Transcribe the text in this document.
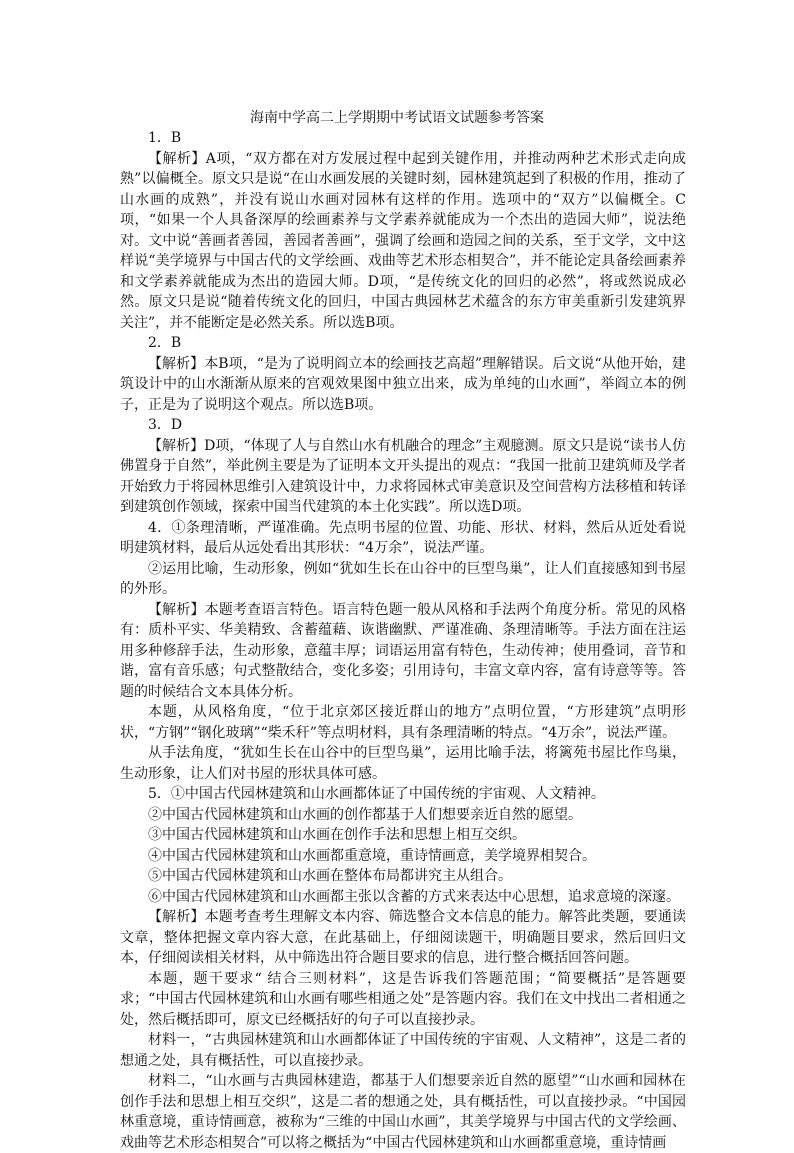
海南中学高二上学期期中考试语文试题参考答案

1．B

【解析】A项，“双方都在对方发展过程中起到关键作用，并推动两种艺术形式走向成熟”以偏概全。原文只是说“在山水画发展的关键时刻，园林建筑起到了积极的作用，推动了山水画的成熟”，并没有说山水画对园林有这样的作用。选项中的“双方”以偏概全。C项，“如果一个人具备深厚的绘画素养与文学素养就能成为一个杰出的造园大师”，说法绝对。文中说“善画者善园，善园者善画”，强调了绘画和造园之间的关系，至于文学，文中这样说“美学境界与中国古代的文学绘画、戏曲等艺术形态相契合”，并不能论定具备绘画素养和文学素养就能成为杰出的造园大师。D项，“是传统文化的回归的必然”，将或然说成必然。原文只是说“随着传统文化的回归，中国古典园林艺术蕴含的东方审美重新引发建筑界关注”，并不能断定是必然关系。所以选B项。

2．B

【解析】本B项，“是为了说明阎立本的绘画技艺高超”理解错误。后文说“从他开始，建筑设计中的山水渐渐从原来的宫观效果图中独立出来，成为单纯的山水画”，举阎立本的例子，正是为了说明这个观点。所以选B项。

3．D

【解析】D项，“体现了人与自然山水有机融合的理念”主观臆测。原文只是说“读书人仿佛置身于自然”，举此例主要是为了证明本文开头提出的观点：“我国一批前卫建筑师及学者开始致力于将园林思维引入建筑设计中，力求将园林式审美意识及空间营构方法移植和转译到建筑创作领域，探索中国当代建筑的本土化实践”。所以选D项。

4．①条理清晰，严谨准确。先点明书屋的位置、功能、形状、材料，然后从近处看说明建筑材料，最后从远处看出其形状：“4万余”，说法严谨。

②运用比喻，生动形象，例如“犹如生长在山谷中的巨型鸟巢”，让人们直接感知到书屋的外形。

【解析】本题考查语言特色。语言特色题一般从风格和手法两个角度分析。常见的风格有：质朴平实、华美精致、含蓄蕴藉、诙谐幽默、严谨准确、条理清晰等。手法方面在注运用多种修辞手法，生动形象，意蕴丰厚；词语运用富有特色，生动传神；使用叠词，音节和谐，富有音乐感；句式整散结合，变化多姿；引用诗句，丰富文章内容，富有诗意等等。答题的时候结合文本具体分析。

本题，从风格角度，“位于北京郊区接近群山的地方”点明位置，“方形建筑”点明形状，“方钢”“钢化玻璃”“柴禾秆”等点明材料，具有条理清晰的特点。“4万余”，说法严谨。

从手法角度，“犹如生长在山谷中的巨型鸟巢”，运用比喻手法，将篱苑书屋比作鸟巢，生动形象，让人们对书屋的形状具体可感。

5．①中国古代园林建筑和山水画都体证了中国传统的宇宙观、人文精神。

②中国古代园林建筑和山水画的创作都基于人们想要亲近自然的愿望。

③中国古代园林建筑和山水画在创作手法和思想上相互交织。

④中国古代园林建筑和山水画都重意境，重诗情画意，美学境界相契合。

⑤中国古代园林建筑和山水画在整体布局都讲究主从组合。

⑥中国古代园林建筑和山水画都主张以含蓄的方式来表达中心思想，追求意境的深邃。

【解析】本题考查考生理解文本内容、筛选整合文本信息的能力。解答此类题，要通读文章，整体把握文章内容大意，在此基础上，仔细阅读题干，明确题目要求，然后回归文本，仔细阅读相关材料，从中筛选出符合题目要求的信息，进行整合概括回答问题。

本题，题干要求“ 结合三则材料”，这是告诉我们答题范围；“简要概括”是答题要求；“中国古代园林建筑和山水画有哪些相通之处”是答题内容。我们在文中找出二者相通之处，然后概括即可，原文已经概括好的句子可以直接抄录。

材料一，“古典园林建筑和山水画都体证了中国传统的宇宙观、人文精神”，这是二者的想通之处，具有概括性，可以直接抄录。

材料二，“山水画与古典园林建造，都基于人们想要亲近自然的愿望”“山水画和园林在创作手法和思想上相互交织”，这是二者的想通之处，具有概括性，可以直接抄录。“中国园林重意境，重诗情画意，被称为“三维的中国山水画”，其美学境界与中国古代的文学绘画、戏曲等艺术形态相契合”可以将之概括为“中国古代园林建筑和山水画都重意境，重诗情画
